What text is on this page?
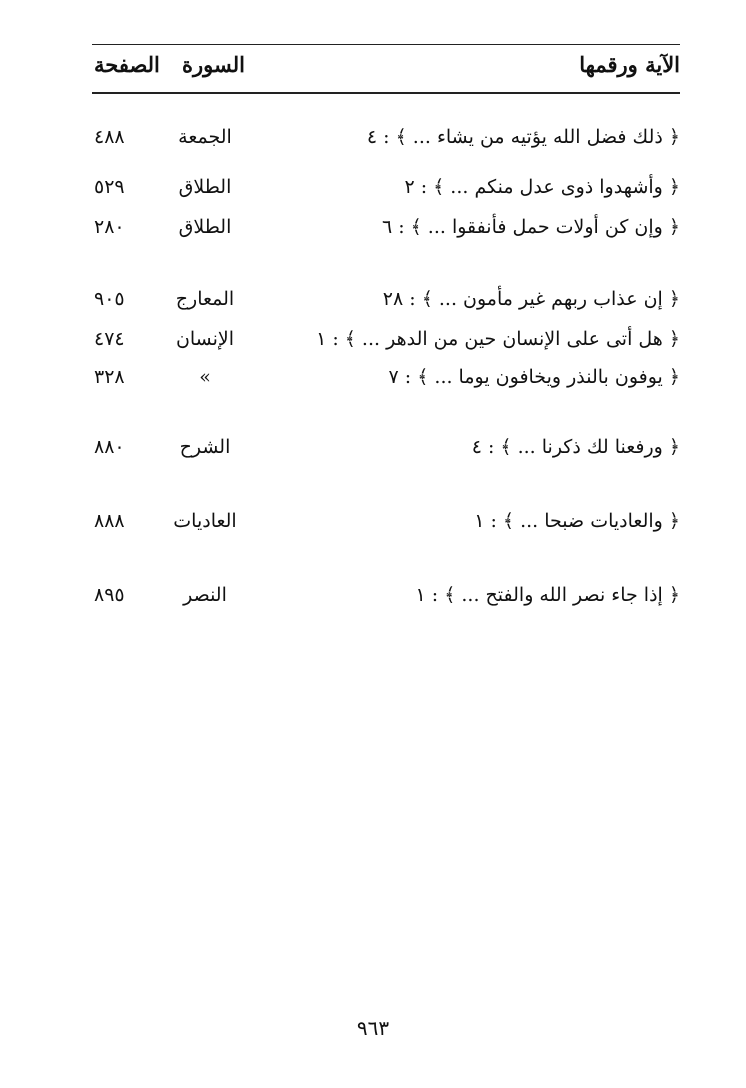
الآية ورقمها
السورة
الصفحة
﴿ ذلك فضل الله يؤتيه من يشاء ... ﴾ : ٤
الجمعة
٤٨٨
﴿ وأشهدوا ذوى عدل منكم ... ﴾ : ٢
الطلاق
٥٢٩
﴿ وإن كن أولات حمل فأنفقوا ... ﴾ : ٦
الطلاق
٢٨٠
﴿ إن عذاب ربهم غير مأمون ... ﴾ : ٢٨
المعارج
٩٠٥
﴿ هل أتى على الإنسان حين من الدهر ... ﴾ : ١
الإنسان
٤٧٤
﴿ يوفون بالنذر ويخافون يوما ... ﴾ : ٧
»
٣٢٨
﴿ ورفعنا لك ذكرنا ... ﴾ : ٤
الشرح
٨٨٠
﴿ والعاديات ضبحا ... ﴾ : ١
العاديات
٨٨٨
﴿ إذا جاء نصر الله والفتح ... ﴾ : ١
النصر
٨٩٥
٩٦٣
